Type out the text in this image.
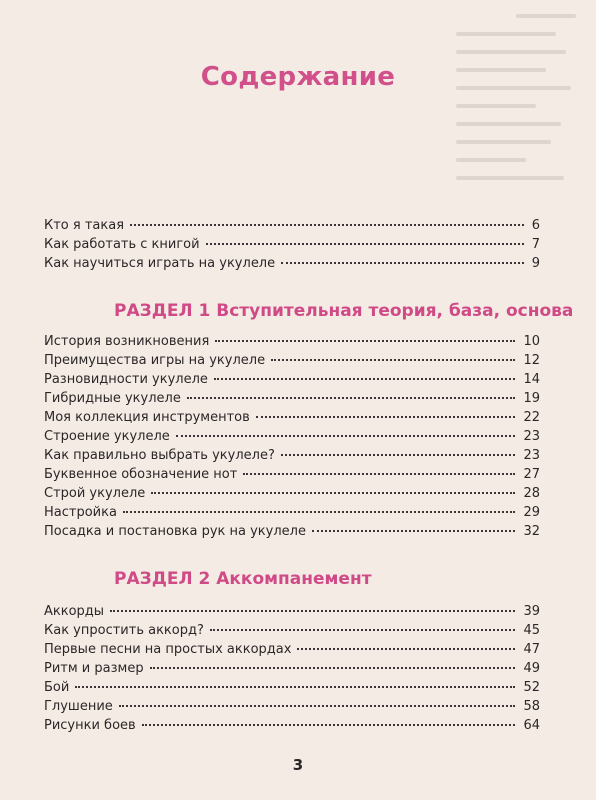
Содержание
Кто я такая	6
Как работать с книгой	7
Как научиться играть на укулеле	9
РАЗДЕЛ 1 Вступительная теория, база, основа
История возникновения	10
Преимущества игры на укулеле	12
Разновидности укулеле	14
Гибридные укулеле	19
Моя коллекция инструментов	22
Строение укулеле	23
Как правильно выбрать укулеле?	23
Буквенное обозначение нот	27
Строй укулеле	28
Настройка	29
Посадка и постановка рук на укулеле	32
РАЗДЕЛ 2 Аккомпанемент
Аккорды	39
Как упростить аккорд?	45
Первые песни на простых аккордах	47
Ритм и размер	49
Бой	52
Глушение	58
Рисунки боев	64
3
